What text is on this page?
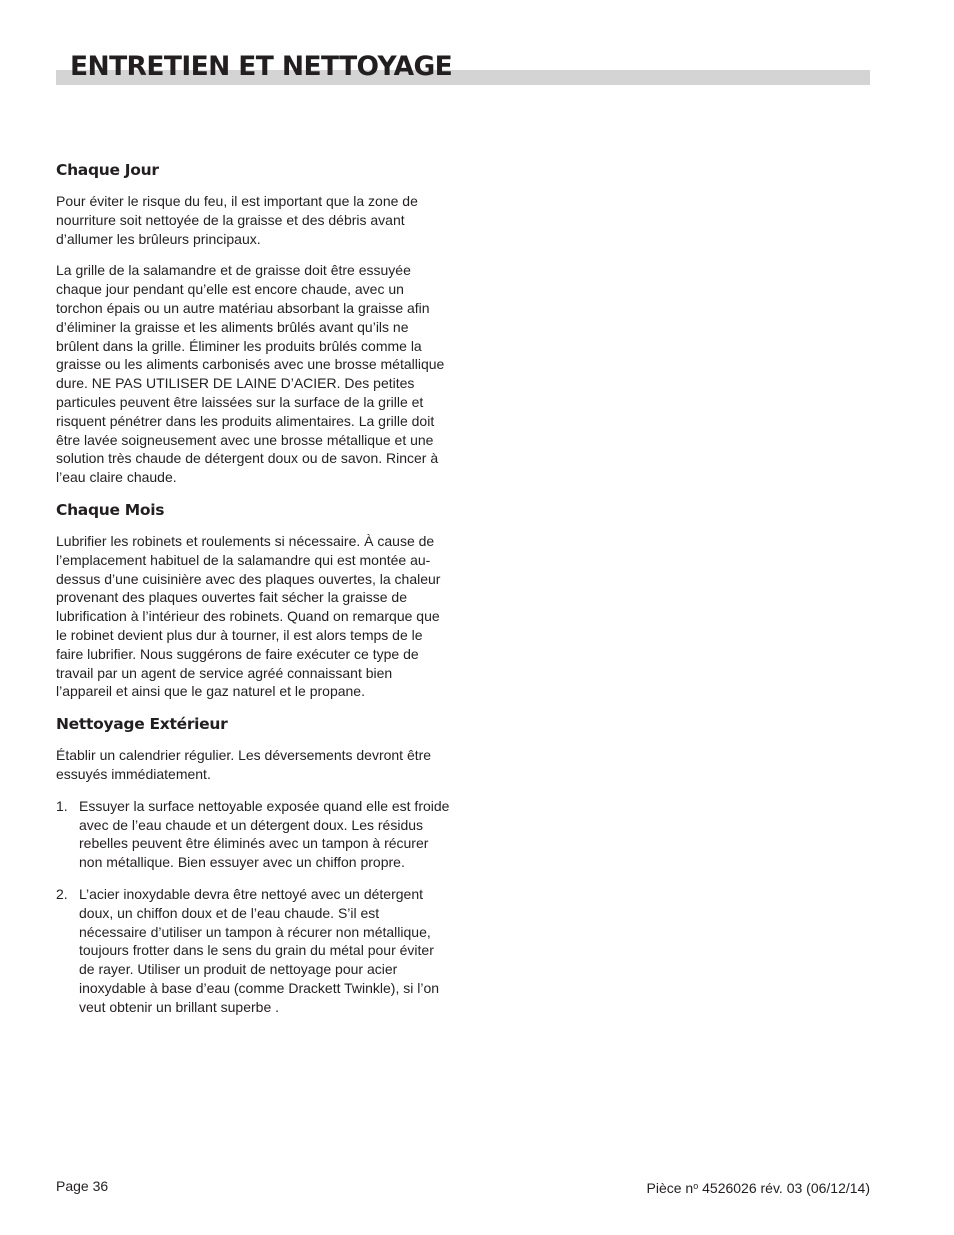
ENTRETIEN ET NETTOYAGE
Chaque Jour

Pour éviter le risque du feu, il est important que la zone de nourriture soit nettoyée de la graisse et des débris avant d’allumer les brûleurs principaux.

La grille de la salamandre et de graisse doit être essuyée chaque jour pendant qu’elle est encore chaude, avec un torchon épais ou un autre matériau absorbant la graisse afin d’éliminer la graisse et les aliments brûlés avant qu’ils ne brûlent dans la grille. Éliminer les produits brûlés comme la graisse ou les aliments carbonisés avec une brosse métallique dure. NE PAS UTILISER DE LAINE D’ACIER. Des petites particules peuvent être laissées sur la surface de la grille et risquent pénétrer dans les produits alimentaires. La grille doit être lavée soigneusement avec une brosse métallique et une solution très chaude de détergent doux ou de savon. Rincer à l’eau claire chaude.

Chaque Mois

Lubrifier les robinets et roulements si nécessaire. À cause de l’emplacement habituel de la salamandre qui est montée au-dessus d’une cuisinière avec des plaques ouvertes, la chaleur provenant des plaques ouvertes fait sécher la graisse de lubrification à l’intérieur des robinets. Quand on remarque que le robinet devient plus dur à tourner, il est alors temps de le faire lubrifier. Nous suggérons de faire exécuter ce type de travail par un agent de service agréé connaissant bien l’appareil et ainsi que le gaz naturel et le propane.

Nettoyage Extérieur

Établir un calendrier régulier. Les déversements devront être essuyés immédiatement.

1. Essuyer la surface nettoyable exposée quand elle est froide avec de l’eau chaude et un détergent doux. Les résidus rebelles peuvent être éliminés avec un tampon à récurer non métallique. Bien essuyer avec un chiffon propre.
2. L’acier inoxydable devra être nettoyé avec un détergent doux, un chiffon doux et de l’eau chaude. S’il est nécessaire d’utiliser un tampon à récurer non métallique, toujours frotter dans le sens du grain du métal pour éviter de rayer. Utiliser un produit de nettoyage pour acier inoxydable à base d’eau (comme Drackett Twinkle), si l’on veut obtenir un brillant superbe .
Page 36	Pièce $n^o$ 4526026 rév. 03 (06/12/14)
